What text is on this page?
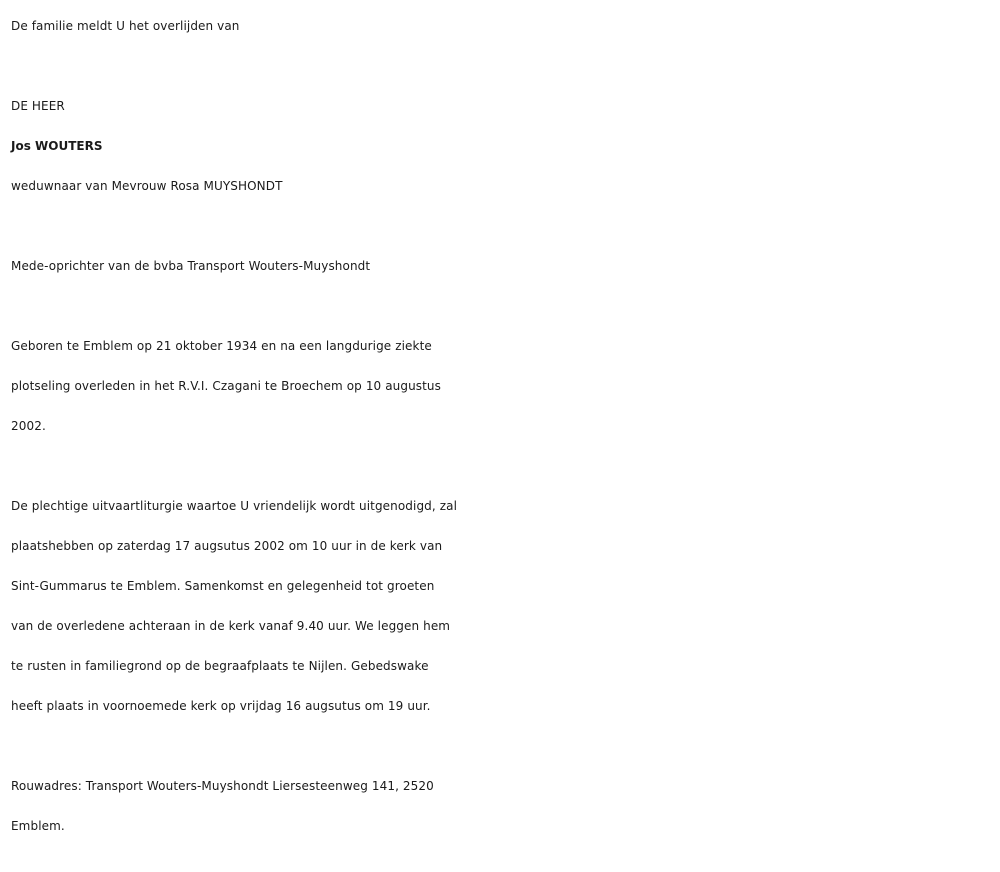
De familie meldt U het overlijden van
DE HEER
Jos WOUTERS
weduwnaar van Mevrouw Rosa MUYSHONDT
Mede-oprichter van de bvba Transport Wouters-Muyshondt

Geboren te Emblem op 21 oktober 1934 en na een langdurige ziekte
plotseling overleden in het R.V.I. Czagani te Broechem op 10 augustus
2002.

De plechtige uitvaartliturgie waartoe U vriendelijk wordt uitgenodigd, zal
plaatshebben op zaterdag 17 augsutus 2002 om 10 uur in de kerk van
Sint-Gummarus te Emblem. Samenkomst en gelegenheid tot groeten
van de overledene achteraan in de kerk vanaf 9.40 uur. We leggen hem
te rusten in familiegrond op de begraafplaats te Nijlen. Gebedswake
heeft plaats in voornoemede kerk op vrijdag 16 augsutus om 19 uur.

Rouwadres: Transport Wouters-Muyshondt Liersesteenweg 141, 2520
Emblem.
